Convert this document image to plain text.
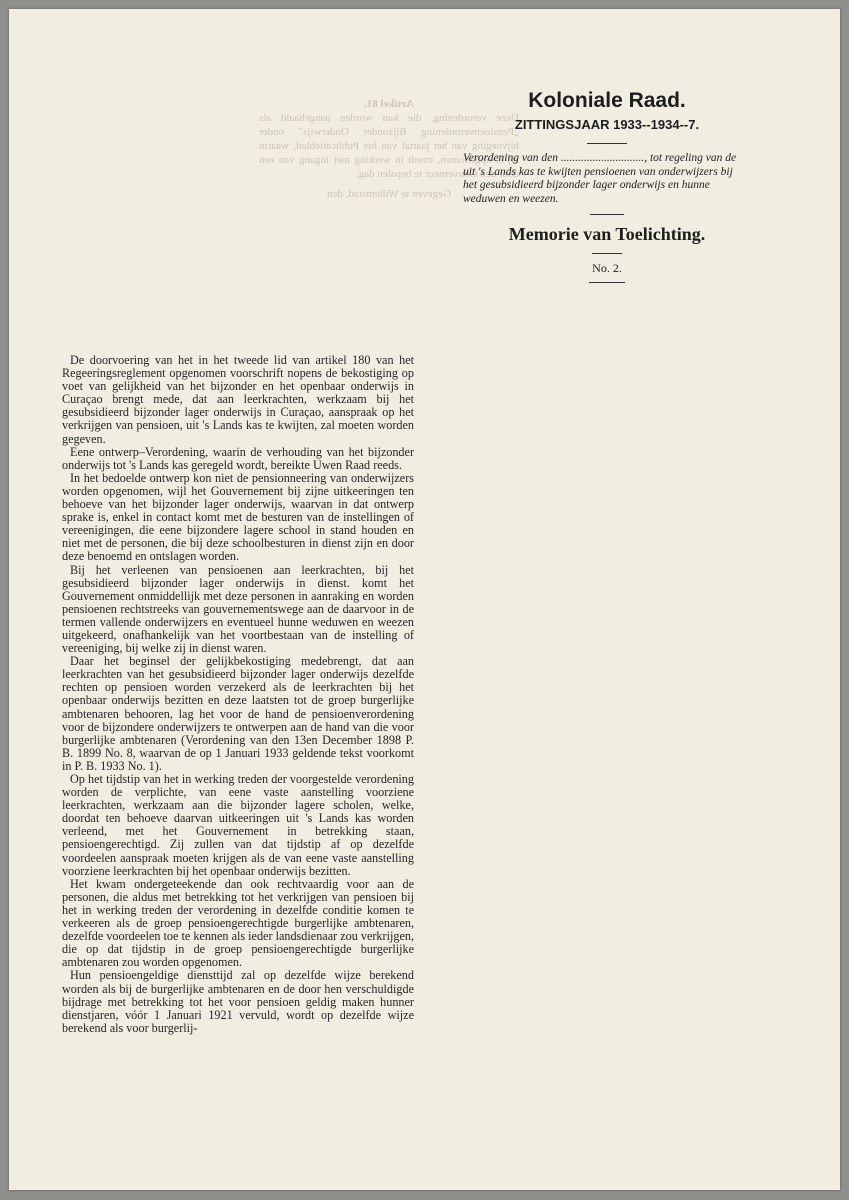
Artikel 81.
Deze verordening, die kan worden aangehaald als „Pensioenverordening Bijzonder Onderwijs" onder bijvoeging van het jaartal van het Publicatieblad, waarin zij is opgenomen, treedt in werking met ingang van een door den Gouverneur te bepalen dag.
Gegeven te Willemstad, den
Koloniale Raad.
ZITTINGSJAAR 1933--1934--7.
Verordening van den ............................., tot regeling van de uit 's Lands kas te kwijten pensioenen van onderwijzers bij het gesubsidieerd bijzonder lager onderwijs en hunne weduwen en weezen.
Memorie van Toelichting.
No. 2.

De doorvoering van het in het tweede lid van artikel 180 van het Regeeringsreglement opgenomen voorschrift nopens de bekostiging op voet van gelijkheid van het bijzonder en het openbaar onderwijs in Curaçao brengt mede, dat aan leerkrachten, werkzaam bij het gesubsidieerd bijzonder lager onderwijs in Curaçao, aanspraak op het verkrijgen van pensioen, uit 's Lands kas te kwijten, zal moeten worden gegeven.

Eene ontwerp–Verordening, waarin de verhouding van het bijzonder onderwijs tot 's Lands kas geregeld wordt, bereikte Uwen Raad reeds.

In het bedoelde ontwerp kon niet de pensionneering van onderwijzers worden opgenomen, wijl het Gouvernement bij zijne uitkeeringen ten behoeve van het bijzonder lager onderwijs, waarvan in dat ontwerp sprake is, enkel in contact komt met de besturen van de instellingen of vereenigingen, die eene bijzondere lagere school in stand houden en niet met de personen, die bij deze schoolbesturen in dienst zijn en door deze benoemd en ontslagen worden.

Bij het verleenen van pensioenen aan leerkrachten, bij het gesubsidieerd bijzonder lager onderwijs in dienst. komt het Gouvernement onmiddellijk met deze personen in aanraking en worden pensioenen rechtstreeks van gouvernementswege aan de daarvoor in de termen vallende onderwijzers en eventueel hunne weduwen en weezen uitgekeerd, onafhankelijk van het voortbestaan van de instelling of vereeniging, bij welke zij in dienst waren.

Daar het beginsel der gelijkbekostiging medebrengt, dat aan leerkrachten van het gesubsidieerd bijzonder lager onderwijs dezelfde rechten op pensioen worden verzekerd als de leerkrachten bij het openbaar onderwijs bezitten en deze laatsten tot de groep burgerlijke ambtenaren behooren, lag het voor de hand de pensioenverordening voor de bijzondere onderwijzers te ontwerpen aan de hand van die voor burgerlijke ambtenaren (Verordening van den 13en December 1898 P. B. 1899 No. 8, waarvan de op 1 Januari 1933 geldende tekst voorkomt in P. B. 1933 No. 1).

Op het tijdstip van het in werking treden der voorgestelde verordening worden de verplichte, van eene vaste aanstelling voorziene leerkrachten, werkzaam aan die bijzonder lagere scholen, welke, doordat ten behoeve daarvan uitkeeringen uit 's Lands kas worden verleend, met het Gouvernement in betrekking staan, pensioengerechtigd. Zij zullen van dat tijdstip af op dezelfde voordeelen aanspraak moeten krijgen als de van eene vaste aanstelling voorziene leerkrachten bij het openbaar onderwijs bezitten.

Het kwam ondergeteekende dan ook rechtvaardig voor aan de personen, die aldus met betrekking tot het verkrijgen van pensioen bij het in werking treden der verordening in dezelfde conditie komen te verkeeren als de groep pensioengerechtigde burgerlijke ambtenaren, dezelfde voordeelen toe te kennen als ieder landsdienaar zou verkrijgen, die op dat tijdstip in de groep pensioengerechtigde burgerlijke ambtenaren zou worden opgenomen.

Hun pensioengeldige diensttijd zal op dezelfde wijze berekend worden als bij de burgerlijke ambtenaren en de door hen verschuldigde bijdrage met betrekking tot het voor pensioen geldig maken hunner dienstjaren, vóór 1 Januari 1921 vervuld, wordt op dezelfde wijze berekend als voor burgerlij-
